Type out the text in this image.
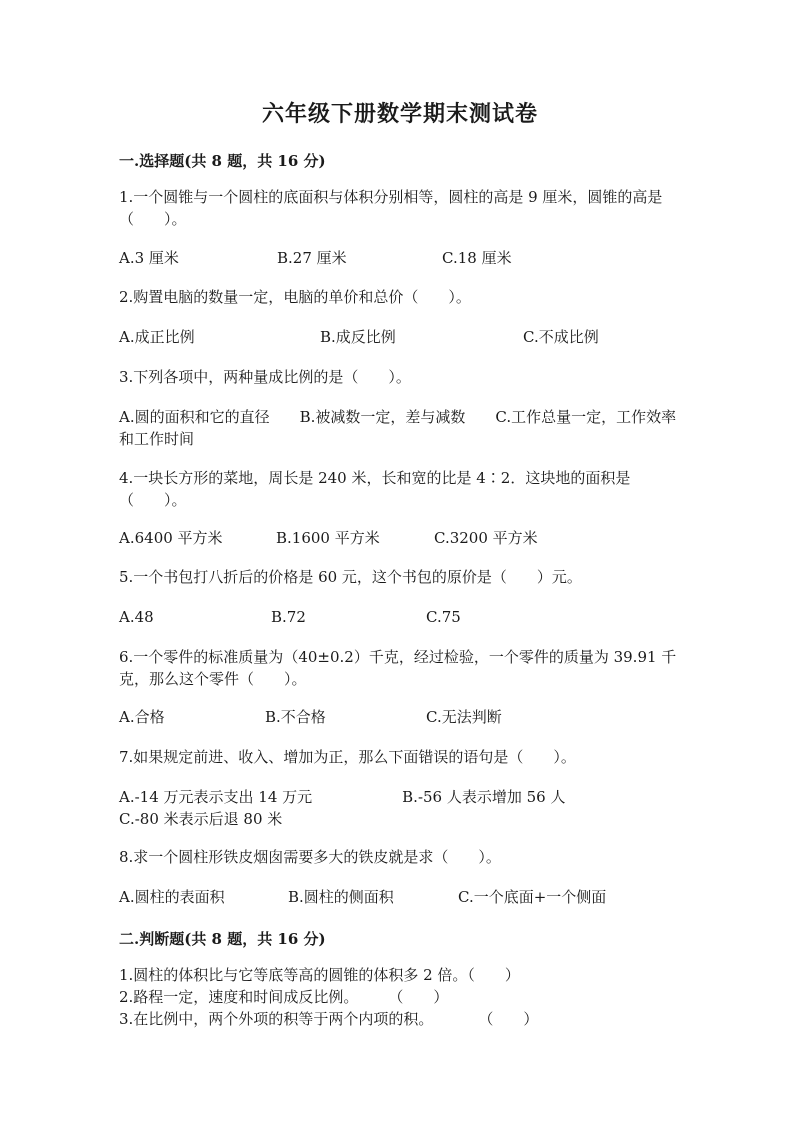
六年级下册数学期末测试卷
一.选择题(共 8 题，共 16 分)
1.一个圆锥与一个圆柱的底面积与体积分别相等，圆柱的高是 9 厘米，圆锥的高是（　　）。
A.3 厘米	B.27 厘米	C.18 厘米
2.购置电脑的数量一定，电脑的单价和总价（　　）。
A.成正比例	B.成反比例	C.不成比例
3.下列各项中，两种量成比例的是（　　）。
A.圆的面积和它的直径　　B.被减数一定，差与减数　　C.工作总量一定，工作效率和工作时间
4.一块长方形的菜地，周长是 240 米，长和宽的比是 4∶2．这块地的面积是（　　）。
A.6400 平方米	B.1600 平方米	C.3200 平方米
5.一个书包打八折后的价格是 60 元，这个书包的原价是（　　）元。
A.48	B.72	C.75
6.一个零件的标准质量为（40±0.2）千克，经过检验，一个零件的质量为 39.91 千克，那么这个零件（　　）。
A.合格	B.不合格	C.无法判断
7.如果规定前进、收入、增加为正，那么下面错误的语句是（　　）。
A.-14 万元表示支出 14 万元　　　　　　B.-56 人表示增加 56 人　　　　　　　C.-80 米表示后退 80 米
8.求一个圆柱形铁皮烟囱需要多大的铁皮就是求（　　）。
A.圆柱的表面积	B.圆柱的侧面积	C.一个底面+一个侧面
二.判断题(共 8 题，共 16 分)
1.圆柱的体积比与它等底等高的圆锥的体积多 2 倍。（　　）
2.路程一定，速度和时间成反比例。　　　（　　）
3.在比例中，两个外项的积等于两个内项的积。　　　　（　　）
